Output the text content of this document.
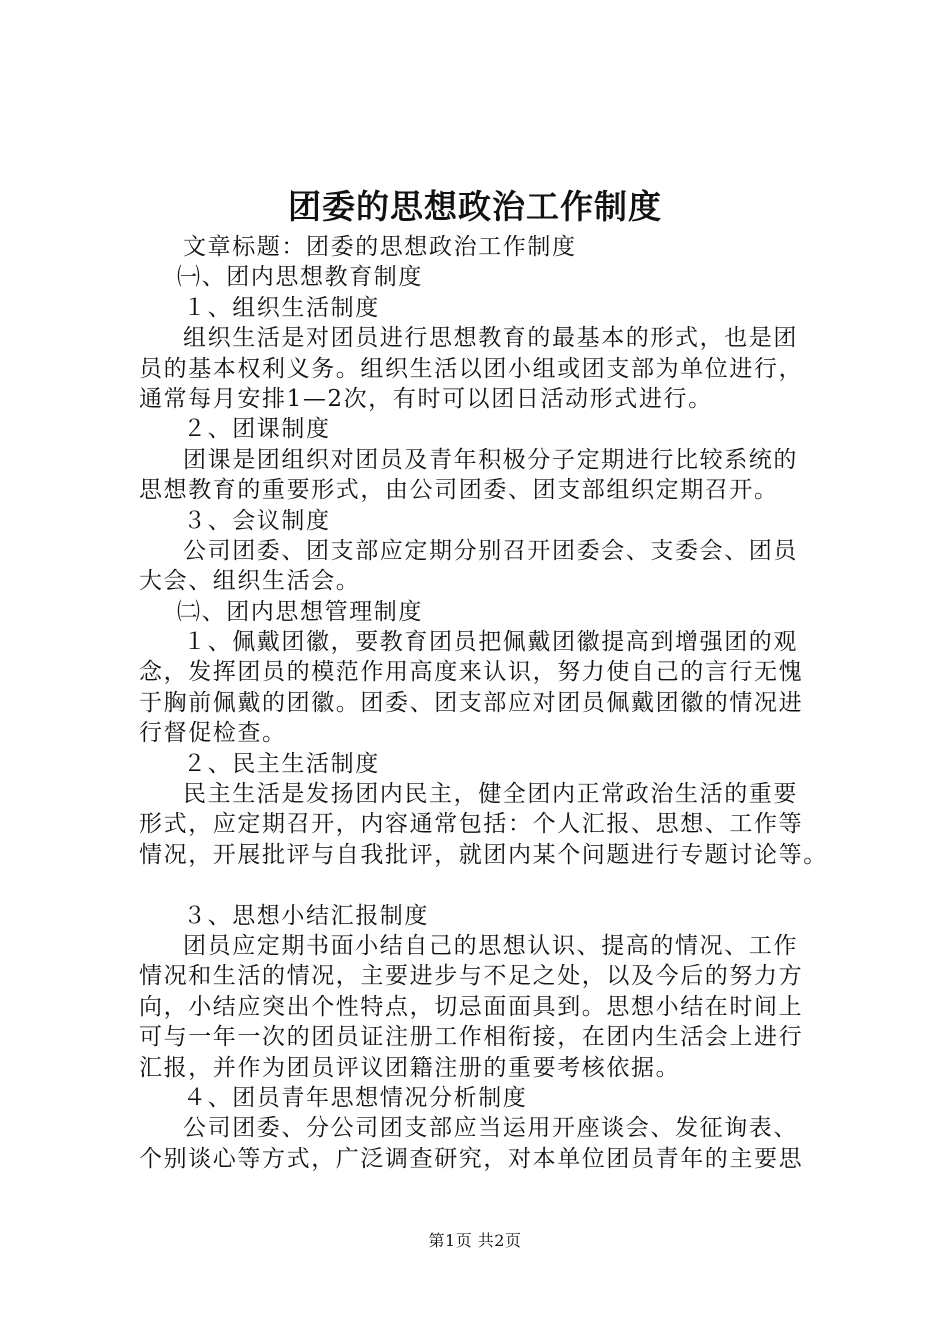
团委的思想政治工作制度
文章标题：团委的思想政治工作制度
㈠、团内思想教育制度
１、组织生活制度
组织生活是对团员进行思想教育的最基本的形式，也是团
员的基本权利义务。组织生活以团小组或团支部为单位进行，
通常每月安排1—2次，有时可以团日活动形式进行。
２、团课制度
团课是团组织对团员及青年积极分子定期进行比较系统的
思想教育的重要形式，由公司团委、团支部组织定期召开。
３、会议制度
公司团委、团支部应定期分别召开团委会、支委会、团员
大会、组织生活会。
㈡、团内思想管理制度
１、佩戴团徽，要教育团员把佩戴团徽提高到增强团的观
念，发挥团员的模范作用高度来认识，努力使自己的言行无愧
于胸前佩戴的团徽。团委、团支部应对团员佩戴团徽的情况进
行督促检查。
２、民主生活制度
民主生活是发扬团内民主，健全团内正常政治生活的重要
形式，应定期召开，内容通常包括：个人汇报、思想、工作等
情况，开展批评与自我批评，就团内某个问题进行专题讨论等。
３、思想小结汇报制度
团员应定期书面小结自己的思想认识、提高的情况、工作
情况和生活的情况，主要进步与不足之处，以及今后的努力方
向，小结应突出个性特点，切忌面面具到。思想小结在时间上
可与一年一次的团员证注册工作相衔接，在团内生活会上进行
汇报，并作为团员评议团籍注册的重要考核依据。
４、团员青年思想情况分析制度
公司团委、分公司团支部应当运用开座谈会、发征询表、
个别谈心等方式，广泛调查研究，对本单位团员青年的主要思
第1页 共2页
